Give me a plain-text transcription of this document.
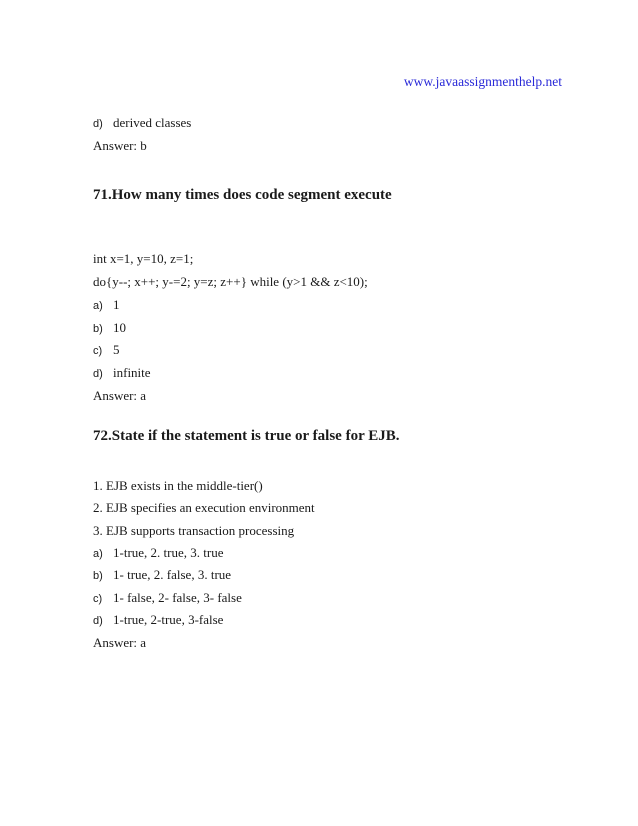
www.javaassignmenthelp.net
d) derived classes
Answer: b
71.How many times does code segment execute
int x=1, y=10, z=1;
do{y--; x++; y-=2; y=z; z++} while (y>1 && z<10);
a) 1
b) 10
c) 5
d) infinite
Answer: a
72.State if the statement is true or false for EJB.
1. EJB exists in the middle-tier()
2. EJB specifies an execution environment
3. EJB supports transaction processing
a) 1-true, 2. true, 3. true
b) 1- true, 2. false, 3. true
c) 1- false, 2- false, 3- false
d) 1-true, 2-true, 3-false
Answer: a
